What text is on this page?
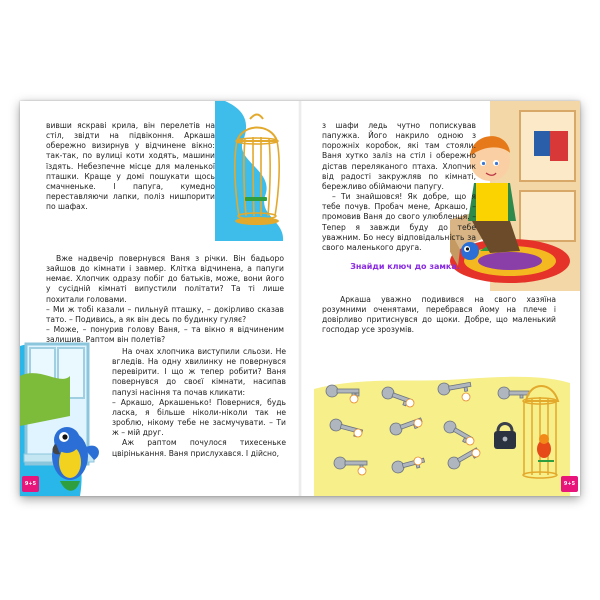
вивши яскраві крила, він перелетів на стіл, звідти на підвіконня. Аркаша обережно визирнув у відчинене вікно: так-так, по вулиці коти ходять, машини їздять. Небезпечне місце для маленької пташки. Краще у домі пошукати щось смачненьке. І папуга, кумедно переставляючи лапки, поліз нишпорити по шафах.

Вже надвечір повернувся Ваня з річки. Він бадьоро зайшов до кімнати і завмер. Клітка відчинена, а папуги немає. Хлопчик одразу побіг до батьків, може, вони його у сусідній кімнаті випустили політати? Та ті лише похитали головами.

– Ми ж тобі казали – пильнуй пташку, – докірливо сказав тато. – Подивись, а як він десь по будинку гуляє?

– Може, – понурив голову Ваня, – та вікно я відчиненим залишив. Раптом він полетів?

На очах хлопчика виступили сльози. Не вгледів. На одну хвилинку не повернувся перевірити. І що ж тепер робити? Ваня повернувся до своєї кімнати, насипав папузі насіння та почав кликати:

– Аркашо, Аркашенько! Повернися, будь ласка, я більше ніколи-ніколи так не зроблю, нікому тебе не засмучувати. – Ти ж – мій друг.

Аж раптом почулося тихесеньке цвірінькання. Ваня прислухався. І дійсно,

9+5

з шафи ледь чутно попискував папужка. Його накрило одною з порожніх коробок, які там стояли. Ваня хутко заліз на стіл і обережно дістав переляканого птаха. Хлопчик від радості закружляв по кімнаті, бережливо обіймаючи папугу.

– Ти знайшовся! Як добре, що я тебе почув. Пробач мене, Аркашо, – промовив Ваня до свого улюбленця. – Тепер я завжди буду до тебе уважним. Бо несу відповідальність за свого маленького друга.

Аркаша уважно подивився на свого хазяїна розумними оченятами, перебрався йому на плече і довірливо притиснувся до щоки. Добре, що маленький господар усе зрозумів.

9+5

Знайди ключ до замка.
